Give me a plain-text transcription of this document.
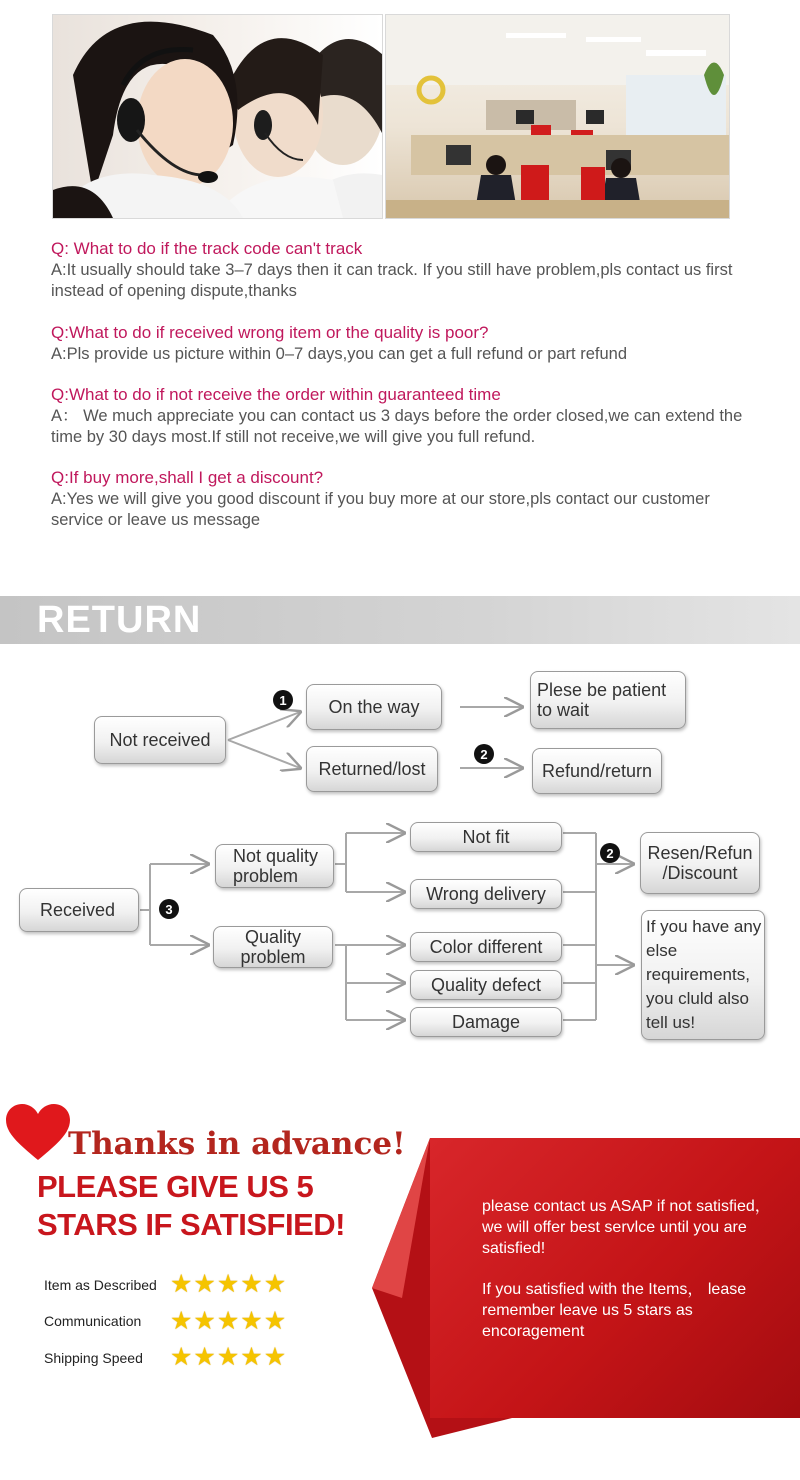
Q: What to do if the track code can't track
A:It usually should take 3–7 days then it can track. If you still have problem,pls contact us first instead of opening dispute,thanks
Q:What to do if received wrong item or the quality is poor?
A:Pls provide us picture within 0–7 days,you can get a full refund or part refund
Q:What to do if not receive the order within guaranteed time
A： We much appreciate you can contact us 3 days before the order closed,we can extend the time by 30 days most.If still not receive,we will give you full refund.
Q:If buy more,shall I get a discount?
A:Yes we will give you good discount if you buy more at our store,pls contact our customer service or leave us message
RETURN
Not received
1	On the way
Plese be patient to wait
Returned/lost
2
Refund/return
Received	3
Not quality problem
Quality problem
Not fit
Wrong delivery
Color different
Quality defect
Damage
2	Resen/Refun /Discount
If you have any else requirements, you cluld also tell us!
Thanks in advance!
PLEASE GIVE US 5
STARS IF SATISFIED!
Item as Described ★ ★ ★ ★ ★
Communication ★ ★ ★ ★ ★
Shipping Speed ★ ★ ★ ★ ★
please contact us ASAP if not satisfied， we will offer best servlce until you are satisfied!
If you satisfied with the Items， lease remember leave us 5 stars as encoragement
